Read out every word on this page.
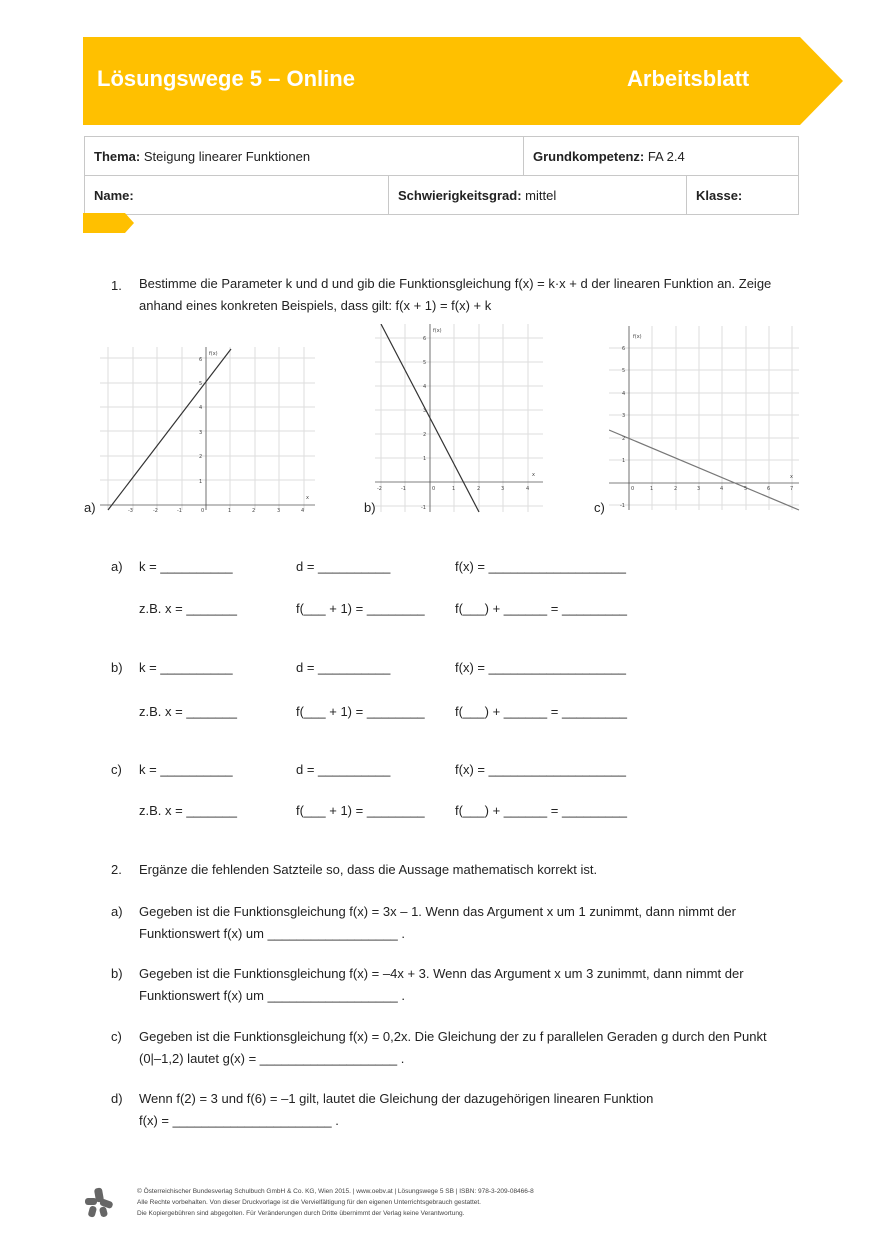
Lösungswege 5 – Online	Arbeitsblatt
Thema: Steigung linearer Funktionen		Grundkompetenz: FA 2.4	
Name:	Schwierigkeitsgrad: mittel		Klasse:
1. Bestimme die Parameter k und d und gib die Funktionsgleichung f(x) = k·x + d der linearen Funktion an. Zeige anhand eines konkreten Beispiels, dass gilt: f(x + 1) = f(x) + k
a)
f(x)
x
-3	-2	-1	0	1	2	3	4
1
2
3
4
5
6
b)
f(x)
x
-2	-1	0	1	2	3	4
-1
1
2
3
4
5
6
c)
f(x)
x
0	1	2	3	4	5	6	7
-1
1
2
3
4
5
6
a) k = __________	d = __________	f(x) = ___________________
z.B. x = _______	f(___ + 1) = ________ f(___) + ______ = _________
b) k = __________	d = __________	f(x) = ___________________
z.B. x = _______	f(___ + 1) = ________ f(___) + ______ = _________
c) k = __________	d = __________	f(x) = ___________________
z.B. x = _______	f(___ + 1) = ________ f(___) + ______ = _________
2. Ergänze die fehlenden Satzteile so, dass die Aussage mathematisch korrekt ist.
a) Gegeben ist die Funktionsgleichung f(x) = 3x – 1. Wenn das Argument x um 1 zunimmt, dann nimmt der
Funktionswert f(x) um __________________ .
b) Gegeben ist die Funktionsgleichung f(x) = –4x + 3. Wenn das Argument x um 3 zunimmt, dann nimmt der
Funktionswert f(x) um __________________ .
c) Gegeben ist die Funktionsgleichung f(x) = 0,2x. Die Gleichung der zu f parallelen Geraden g durch den Punkt
(0|–1,2) lautet g(x) = ___________________ .
d) Wenn f(2) = 3 und f(6) = –1 gilt, lautet die Gleichung der dazugehörigen linearen Funktion
f(x) = ______________________ .
© Österreichischer Bundesverlag Schulbuch GmbH & Co. KG, Wien 2015. | www.oebv.at | Lösungswege 5 SB | ISBN: 978-3-209-08466-8
Alle Rechte vorbehalten. Von dieser Druckvorlage ist die Vervielfältigung für den eigenen Unterrichtsgebrauch gestattet.
Die Kopiergebühren sind abgegolten. Für Veränderungen durch Dritte übernimmt der Verlag keine Verantwortung.
